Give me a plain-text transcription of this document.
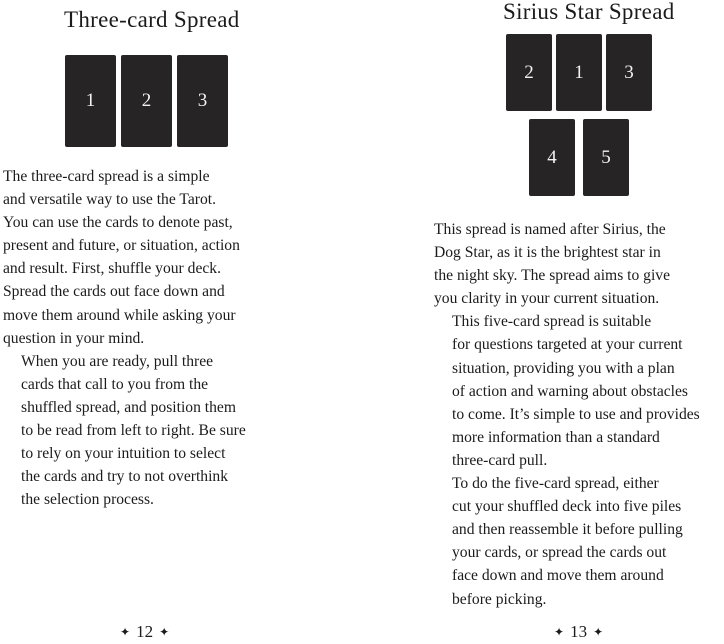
Three-card Spread
1 2 3

The three-card spread is a simple
and versatile way to use the Tarot.
You can use the cards to denote past,
present and future, or situation, action
and result. First, shuffle your deck.
Spread the cards out face down and
move them around while asking your
question in your mind.

When you are ready, pull three
cards that call to you from the
shuffled spread, and position them
to be read from left to right. Be sure
to rely on your intuition to select
the cards and try to not overthink
the selection process.

✦ 12 ✦
Sirius Star Spread
2 1 3
4 5

This spread is named after Sirius, the
Dog Star, as it is the brightest star in
the night sky. The spread aims to give
you clarity in your current situation.

This five-card spread is suitable
for questions targeted at your current
situation, providing you with a plan
of action and warning about obstacles
to come. It’s simple to use and provides
more information than a standard
three-card pull.

To do the five-card spread, either
cut your shuffled deck into five piles
and then reassemble it before pulling
your cards, or spread the cards out
face down and move them around
before picking.

✦ 13 ✦
